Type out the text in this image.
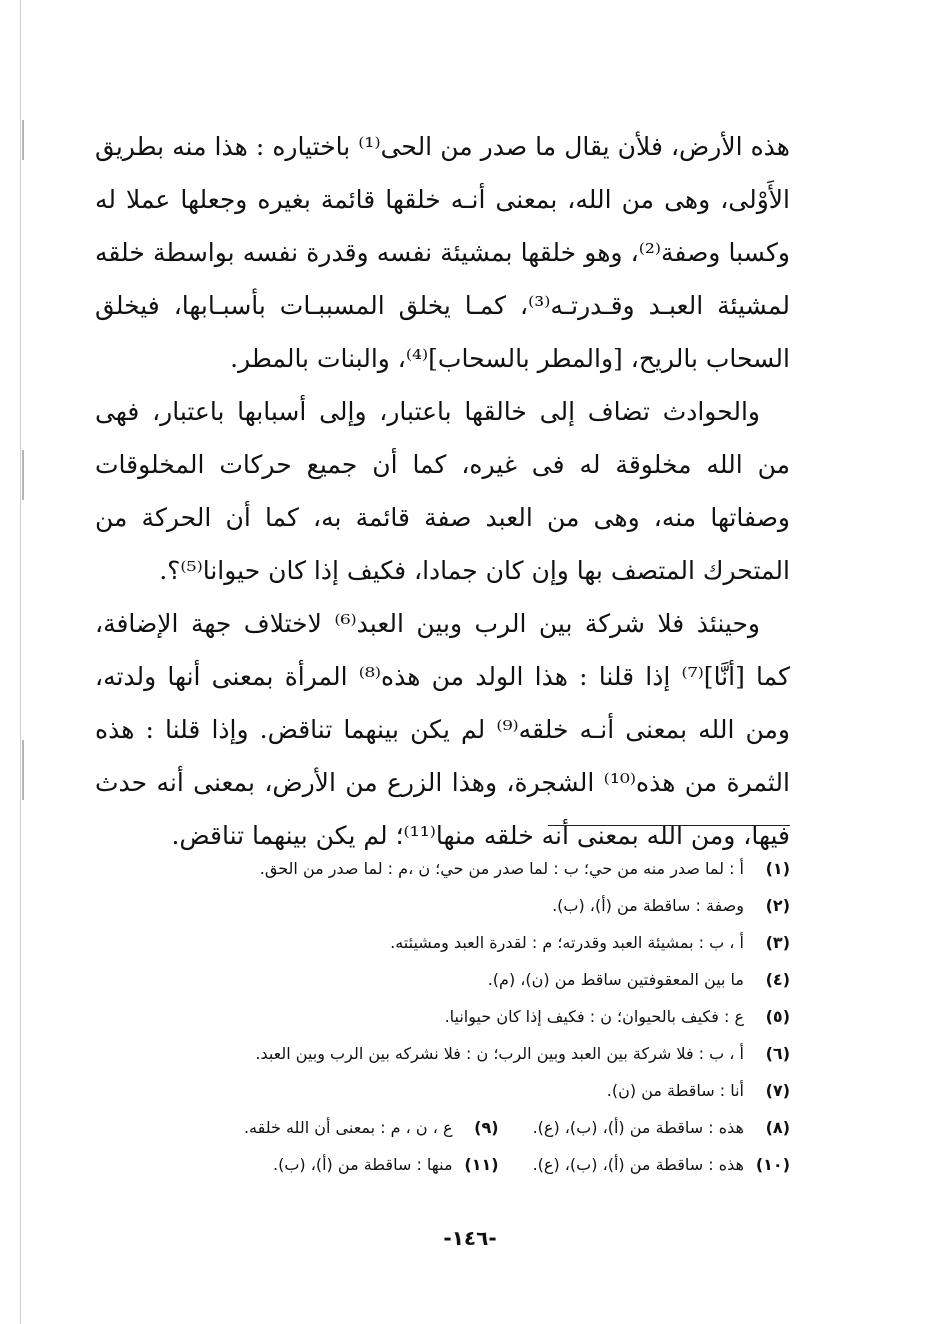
هذه الأرض، فلأن يقال ما صدر من الحى⁽¹⁾ باختياره : هذا منه بطريق الأَوْلى، وهى من الله، بمعنى أنـه خلقها قائمة بغيره وجعلها عملا له وكسبا وصفة⁽²⁾، وهو خلقها بمشيئة نفسه وقدرة نفسه بواسطة خلقه لمشيئة العبـد وقـدرتـه⁽³⁾، كمـا يخلق المسببـات بأسبـابها، فيخلق السحاب بالريح، [والمطر بالسحاب]⁽⁴⁾، والبنات بالمطر.

والحوادث تضاف إلى خالقها باعتبار، وإلى أسبابها باعتبار، فهى من الله مخلوقة له فى غيره، كما أن جميع حركات المخلوقات وصفاتها منه، وهى من العبد صفة قائمة به، كما أن الحركة من المتحرك المتصف بها وإن كان جمادا، فكيف إذا كان حيوانا⁽⁵⁾؟.

وحينئذ فلا شركة بين الرب وبين العبد⁽⁶⁾ لاختلاف جهة الإضافة، كما [أنَّا]⁽⁷⁾ إذا قلنا : هذا الولد من هذه⁽⁸⁾ المرأة بمعنى أنها ولدته، ومن الله بمعنى أنـه خلقه⁽⁹⁾ لم يكن بينهما تناقض. وإذا قلنا : هذه الثمرة من هذه⁽¹⁰⁾ الشجرة، وهذا الزرع من الأرض، بمعنى أنه حدث فيها، ومن الله بمعنى أنه خلقه منها⁽¹¹⁾؛ لم يكن بينهما تناقض.

(١)
أ : لما صدر منه من حي؛ ب : لما صدر من حي؛ ن ،م : لما صدر من الحق.
(٢)
وصفة : ساقطة من (أ)، (ب).
(٣)
أ ، ب : بمشيئة العبد وقدرته؛ م : لقدرة العبد ومشيئته.
(٤)
ما بين المعقوفتين ساقط من (ن)، (م).
(٥)
ع : فكيف بالحيوان؛ ن : فكيف إذا كان حيوانيا.
(٦)
أ ، ب : فلا شركة بين العبد وبين الرب؛ ن : فلا نشركه بين الرب وبين العبد.
(٧)
أنا : ساقطة من (ن).
(٨)
هذه : ساقطة من (أ)، (ب)، (ع).
(٩)
ع ، ن ، م : بمعنى أن الله خلقه.
(١٠)
هذه : ساقطة من (أ)، (ب)، (ع).
(١١)
منها : ساقطة من (أ)، (ب).
-١٤٦-
